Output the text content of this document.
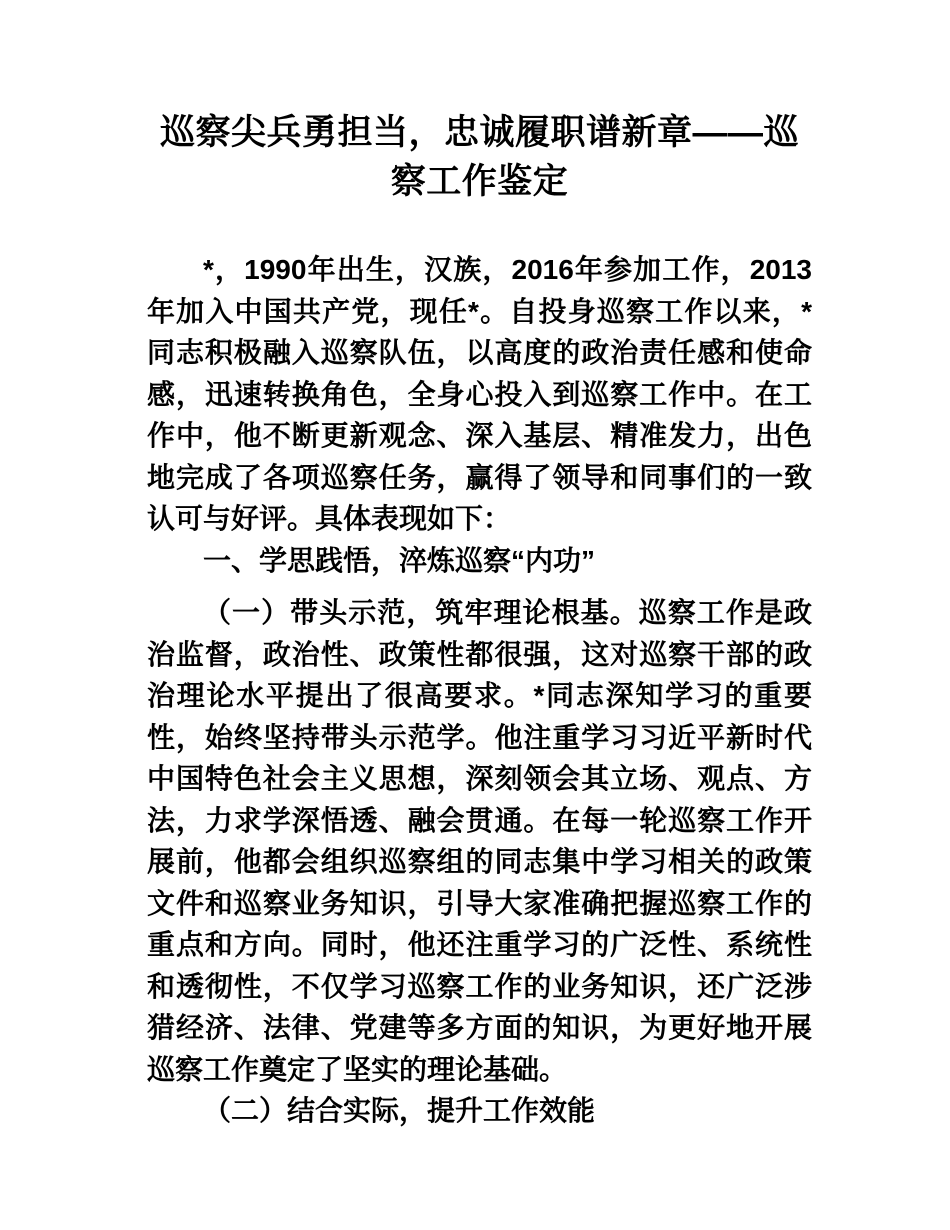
巡察尖兵勇担当，忠诚履职谱新章——巡察工作鉴定

*，1990年出生，汉族，2016年参加工作，2013年加入中国共产党，现任*。自投身巡察工作以来，*同志积极融入巡察队伍，以高度的政治责任感和使命感，迅速转换角色，全身心投入到巡察工作中。在工作中，他不断更新观念、深入基层、精准发力，出色地完成了各项巡察任务，赢得了领导和同事们的一致认可与好评。具体表现如下：

一、学思践悟，淬炼巡察“内功”

（一）带头示范，筑牢理论根基。巡察工作是政治监督，政治性、政策性都很强，这对巡察干部的政治理论水平提出了很高要求。*同志深知学习的重要性，始终坚持带头示范学。他注重学习习近平新时代中国特色社会主义思想，深刻领会其立场、观点、方法，力求学深悟透、融会贯通。在每一轮巡察工作开展前，他都会组织巡察组的同志集中学习相关的政策文件和巡察业务知识，引导大家准确把握巡察工作的重点和方向。同时，他还注重学习的广泛性、系统性和透彻性，不仅学习巡察工作的业务知识，还广泛涉猎经济、法律、党建等多方面的知识，为更好地开展巡察工作奠定了坚实的理论基础。

（二）结合实际，提升工作效能
